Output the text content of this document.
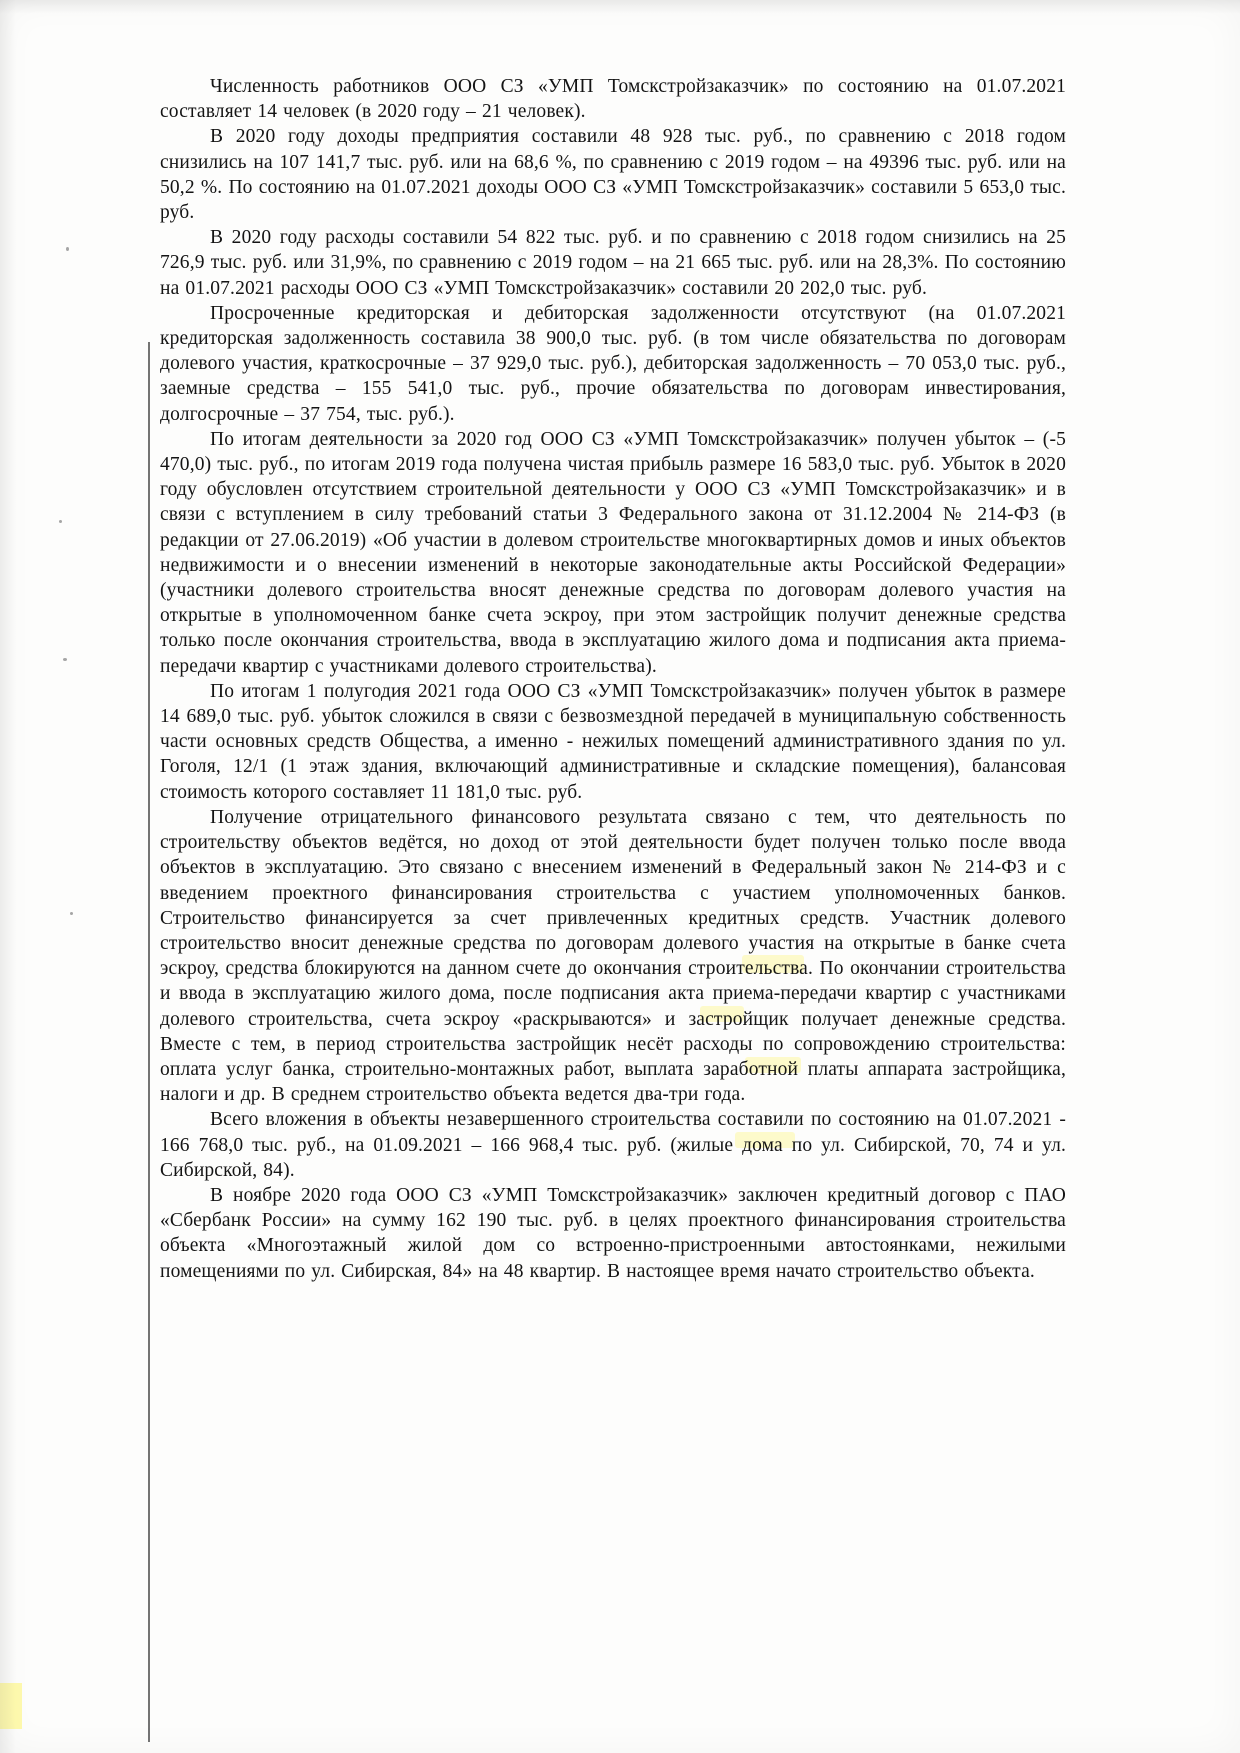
Численность работников ООО СЗ «УМП Томскстройзаказчик» по состоянию на 01.07.2021 составляет 14 человек (в 2020 году – 21 человек).

В 2020 году доходы предприятия составили 48 928 тыс. руб., по сравнению с 2018 годом снизились на 107 141,7 тыс. руб. или на 68,6 %, по сравнению с 2019 годом – на 49396 тыс. руб. или на 50,2 %. По состоянию на 01.07.2021 доходы ООО СЗ «УМП Томскстройзаказчик» составили 5 653,0 тыс. руб.

В 2020 году расходы составили 54 822 тыс. руб. и по сравнению с 2018 годом снизились на 25 726,9 тыс. руб. или 31,9%, по сравнению с 2019 годом – на 21 665 тыс. руб. или на 28,3%. По состоянию на 01.07.2021 расходы ООО СЗ «УМП Томскстройзаказчик» составили 20 202,0 тыс. руб.

Просроченные кредиторская и дебиторская задолженности отсутствуют (на 01.07.2021 кредиторская задолженность составила 38 900,0 тыс. руб. (в том числе обязательства по договорам долевого участия, краткосрочные – 37 929,0 тыс. руб.), дебиторская задолженность – 70 053,0 тыс. руб., заемные средства – 155 541,0 тыс. руб., прочие обязательства по договорам инвестирования, долгосрочные – 37 754, тыс. руб.).

По итогам деятельности за 2020 год ООО СЗ «УМП Томскстройзаказчик» получен убыток – (-5 470,0) тыс. руб., по итогам 2019 года получена чистая прибыль размере 16 583,0 тыс. руб. Убыток в 2020 году обусловлен отсутствием строительной деятельности у ООО СЗ «УМП Томскстройзаказчик» и в связи с вступлением в силу требований статьи 3 Федерального закона от 31.12.2004 № 214-ФЗ (в редакции от 27.06.2019) «Об участии в долевом строительстве многоквартирных домов и иных объектов недвижимости и о внесении изменений в некоторые законодательные акты Российской Федерации» (участники долевого строительства вносят денежные средства по договорам долевого участия на открытые в уполномоченном банке счета эскроу, при этом застройщик получит денежные средства только после окончания строительства, ввода в эксплуатацию жилого дома и подписания акта приема-передачи квартир с участниками долевого строительства).

По итогам 1 полугодия 2021 года ООО СЗ «УМП Томскстройзаказчик» получен убыток в размере 14 689,0 тыс. руб. убыток сложился в связи с безвозмездной передачей в муниципальную собственность части основных средств Общества, а именно - нежилых помещений административного здания по ул. Гоголя, 12/1 (1 этаж здания, включающий административные и складские помещения), балансовая стоимость которого составляет 11 181,0 тыс. руб.

Получение отрицательного финансового результата связано с тем, что деятельность по строительству объектов ведётся, но доход от этой деятельности будет получен только после ввода объектов в эксплуатацию. Это связано с внесением изменений в Федеральный закон № 214-ФЗ и с введением проектного финансирования строительства с участием уполномоченных банков. Строительство финансируется за счет привлеченных кредитных средств. Участник долевого строительство вносит денежные средства по договорам долевого участия на открытые в банке счета эскроу, средства блокируются на данном счете до окончания строительства. По окончании строительства и ввода в эксплуатацию жилого дома, после подписания акта приема-передачи квартир с участниками долевого строительства, счета эскроу «раскрываются» и застройщик получает денежные средства. Вместе с тем, в период строительства застройщик несёт расходы по сопровождению строительства: оплата услуг банка, строительно-монтажных работ, выплата заработной платы аппарата застройщика, налоги и др. В среднем строительство объекта ведется два-три года.

Всего вложения в объекты незавершенного строительства составили по состоянию на 01.07.2021 - 166 768,0 тыс. руб., на 01.09.2021 – 166 968,4 тыс. руб. (жилые дома по ул. Сибирской, 70, 74 и ул. Сибирской, 84).

В ноябре 2020 года ООО СЗ «УМП Томскстройзаказчик» заключен кредитный договор с ПАО «Сбербанк России» на сумму 162 190 тыс. руб. в целях проектного финансирования строительства объекта «Многоэтажный жилой дом со встроенно-пристроенными автостоянками, нежилыми помещениями по ул. Сибирская, 84» на 48 квартир. В настоящее время начато строительство объекта.
